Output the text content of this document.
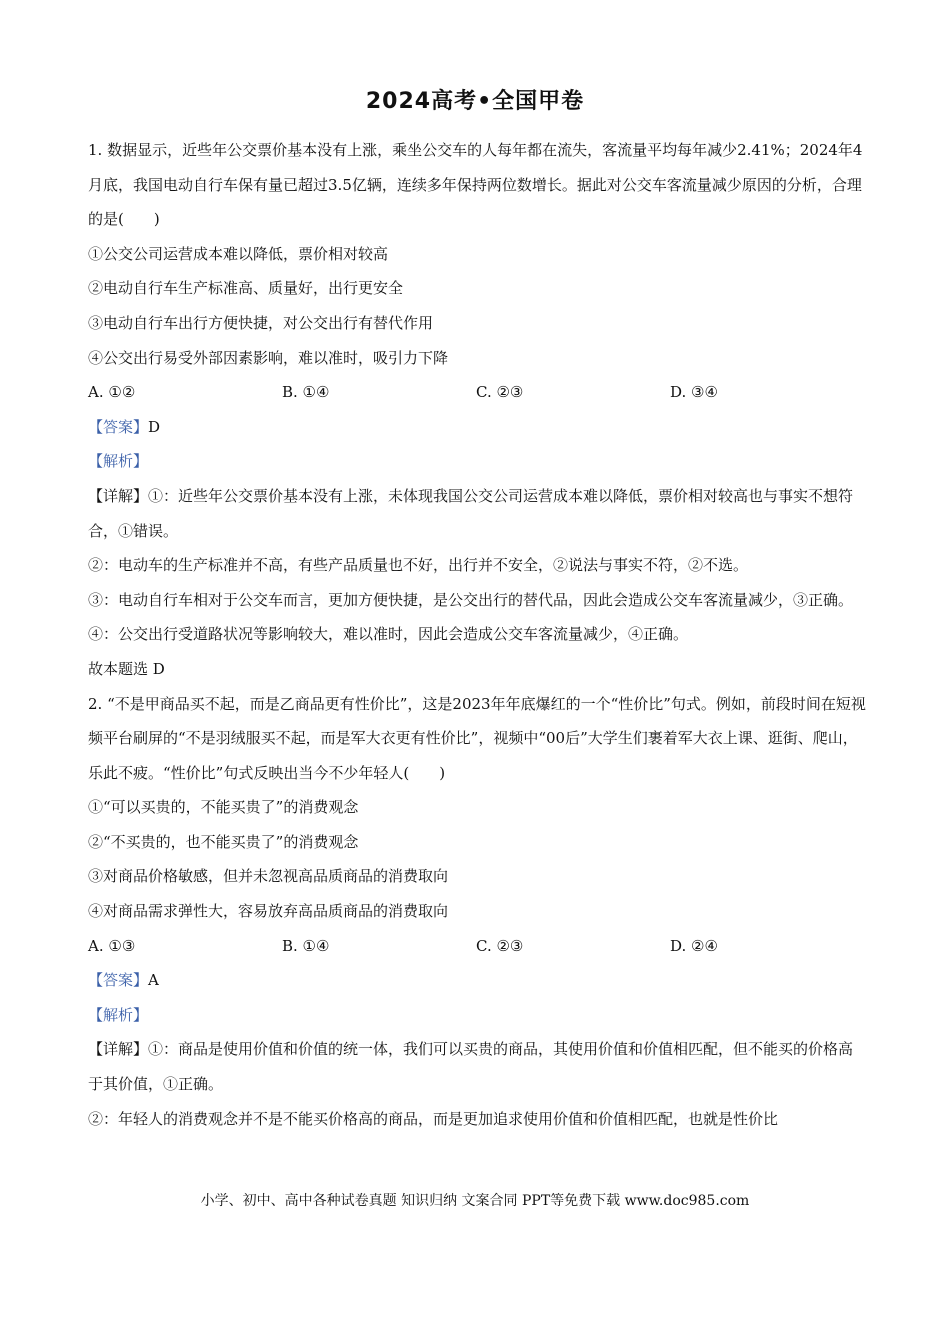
2024高考•全国甲卷

1. 数据显示，近些年公交票价基本没有上涨，乘坐公交车的人每年都在流失，客流量平均每年减少2.41%；2024年4月底，我国电动自行车保有量已超过3.5亿辆，连续多年保持两位数增长。据此对公交车客流量减少原因的分析，合理的是(　　)

①公交公司运营成本难以降低，票价相对较高

②电动自行车生产标准高、质量好，出行更安全

③电动自行车出行方便快捷，对公交出行有替代作用

④公交出行易受外部因素影响，难以准时，吸引力下降

A. ①②	B. ①④	C. ②③	D. ③④

【答案】D

【解析】

【详解】①：近些年公交票价基本没有上涨，未体现我国公交公司运营成本难以降低，票价相对较高也与事实不想符合，①错误。

②：电动车的生产标准并不高，有些产品质量也不好，出行并不安全，②说法与事实不符，②不选。

③：电动自行车相对于公交车而言，更加方便快捷，是公交出行的替代品，因此会造成公交车客流量减少，③正确。

④：公交出行受道路状况等影响较大，难以准时，因此会造成公交车客流量减少，④正确。

故本题选 D

2. “不是甲商品买不起，而是乙商品更有性价比”，这是2023年年底爆红的一个“性价比”句式。例如，前段时间在短视频平台刷屏的“不是羽绒服买不起，而是军大衣更有性价比”，视频中“00后”大学生们裹着军大衣上课、逛街、爬山，乐此不疲。“性价比”句式反映出当今不少年轻人(　　)

①“可以买贵的，不能买贵了”的消费观念

②“不买贵的，也不能买贵了”的消费观念

③对商品价格敏感，但并未忽视高品质商品的消费取向

④对商品需求弹性大，容易放弃高品质商品的消费取向

A. ①③	B. ①④	C. ②③	D. ②④

【答案】A

【解析】

【详解】①：商品是使用价值和价值的统一体，我们可以买贵的商品，其使用价值和价值相匹配，但不能买的价格高于其价值，①正确。

②：年轻人的消费观念并不是不能买价格高的商品，而是更加追求使用价值和价值相匹配，也就是性价比

小学、初中、高中各种试卷真题 知识归纳 文案合同 PPT等免费下载 www.doc985.com
